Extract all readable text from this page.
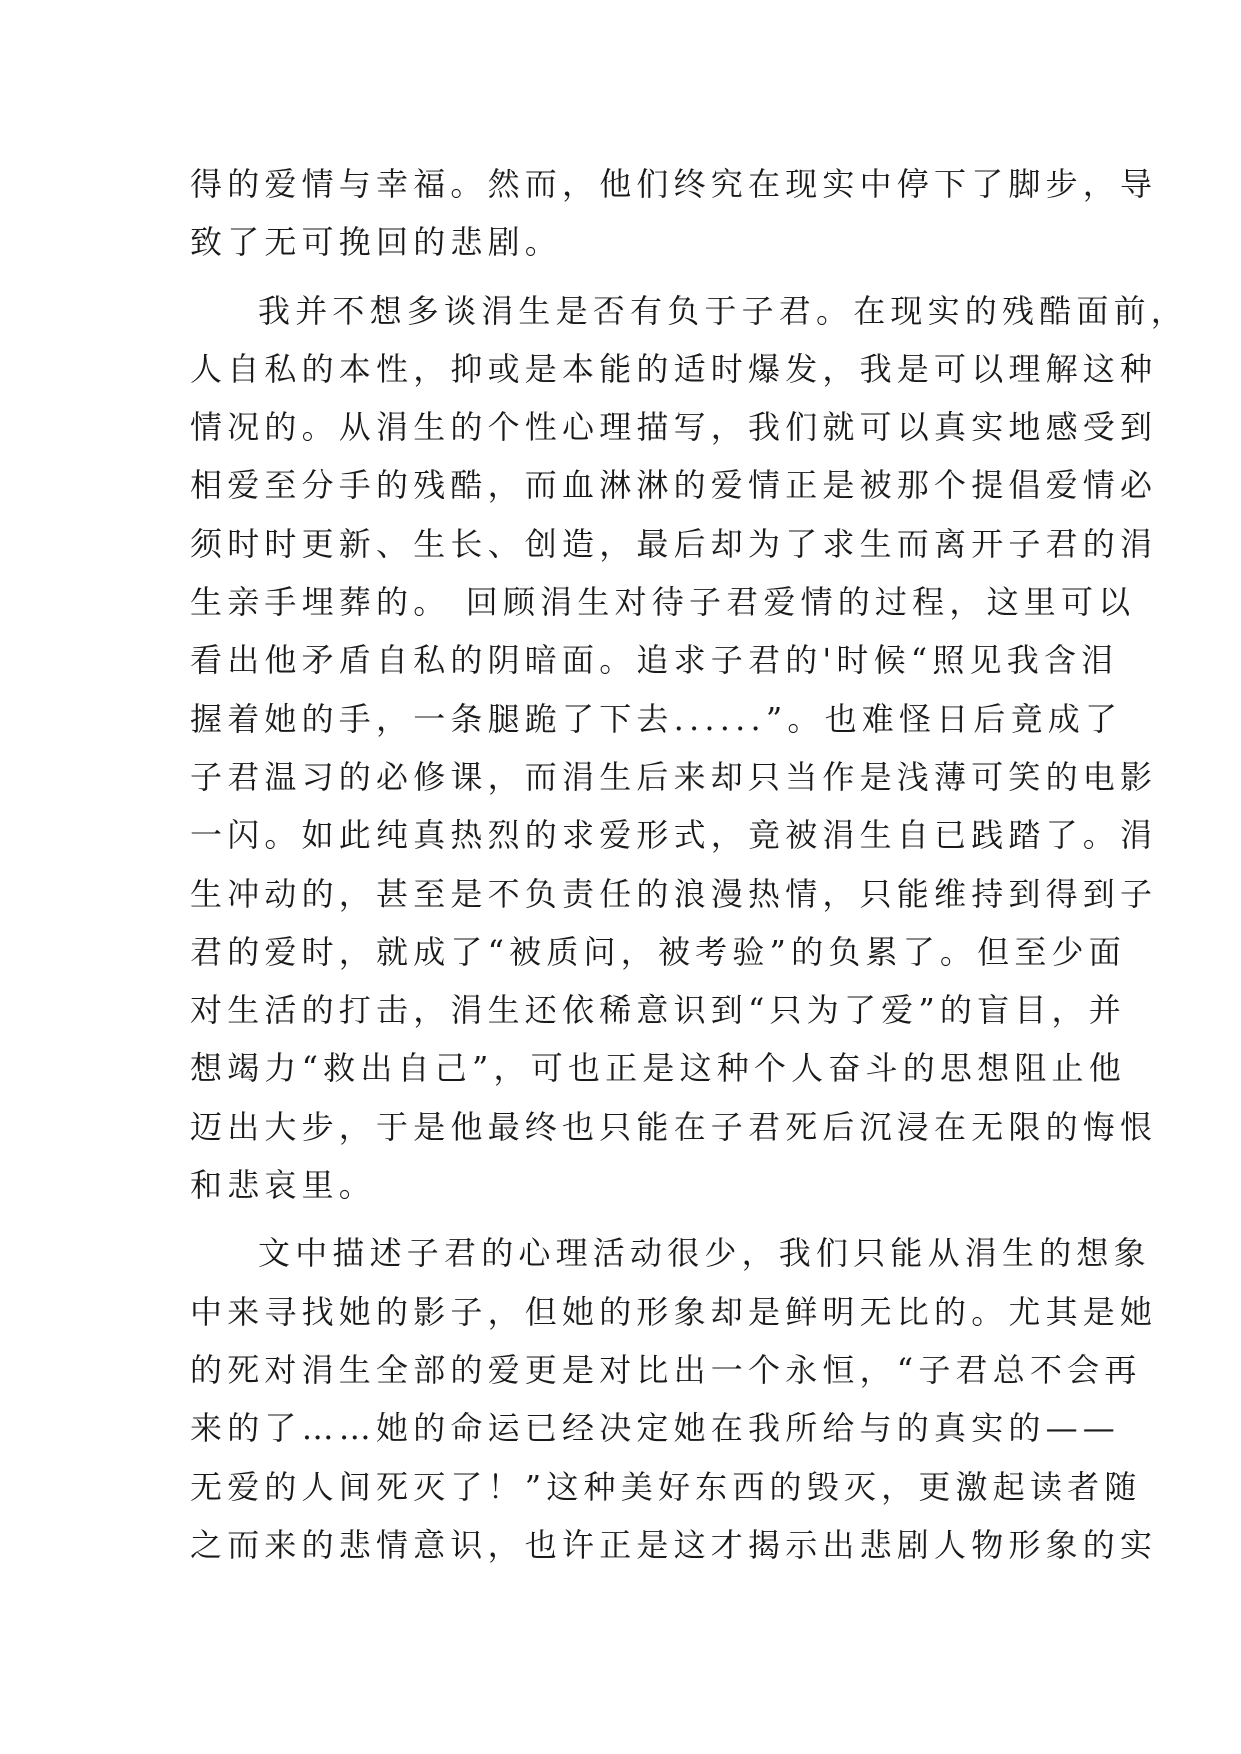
得的爱情与幸福。然而，他们终究在现实中停下了脚步，导
致了无可挽回的悲剧。
我并不想多谈涓生是否有负于子君。在现实的残酷面前，
人自私的本性，抑或是本能的适时爆发，我是可以理解这种
情况的。从涓生的个性心理描写，我们就可以真实地感受到
相爱至分手的残酷，而血淋淋的爱情正是被那个提倡爱情必
须时时更新、生长、创造，最后却为了求生而离开子君的涓
生亲手埋葬的。 回顾涓生对待子君爱情的过程，这里可以
看出他矛盾自私的阴暗面。追求子君的'时候“照见我含泪
握着她的手，一条腿跪了下去......”。也难怪日后竟成了
子君温习的必修课，而涓生后来却只当作是浅薄可笑的电影
一闪。如此纯真热烈的求爱形式，竟被涓生自已践踏了。涓
生冲动的，甚至是不负责任的浪漫热情，只能维持到得到子
君的爱时，就成了“被质问，被考验”的负累了。但至少面
对生活的打击，涓生还依稀意识到“只为了爱”的盲目，并
想竭力“救出自己”，可也正是这种个人奋斗的思想阻止他
迈出大步，于是他最终也只能在子君死后沉浸在无限的悔恨
和悲哀里。
文中描述子君的心理活动很少，我们只能从涓生的想象
中来寻找她的影子，但她的形象却是鲜明无比的。尤其是她
的死对涓生全部的爱更是对比出一个永恒，“子君总不会再
来的了……她的命运已经决定她在我所给与的真实的——
无爱的人间死灭了！”这种美好东西的毁灭，更激起读者随
之而来的悲情意识，也许正是这才揭示出悲剧人物形象的实
